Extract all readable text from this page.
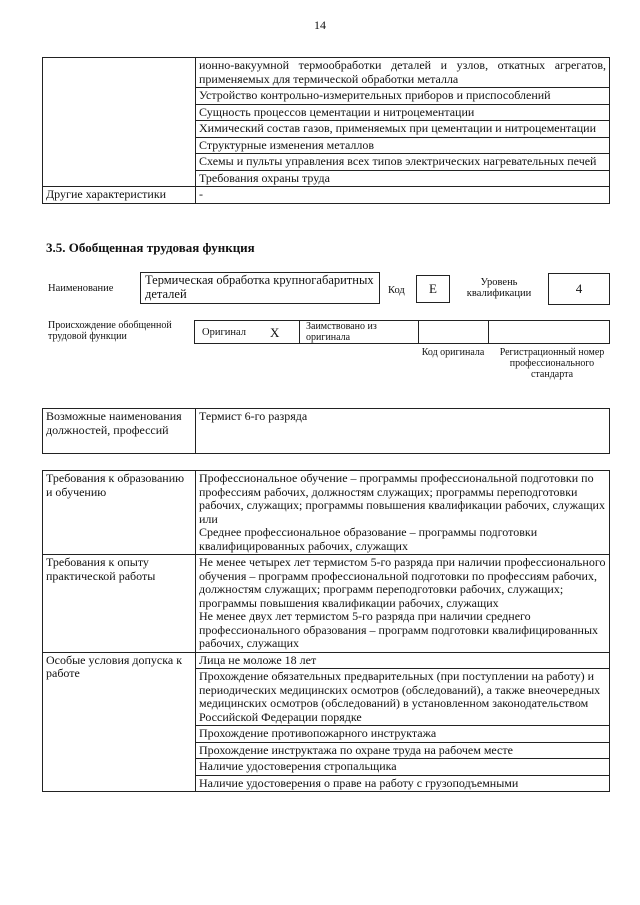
14
	ионно-вакуумной термообработки деталей и узлов, откатных агрегатов, применяемых для термической обработки металла
	Устройство контрольно-измерительных приборов и приспособлений
	Сущность процессов цементации и нитроцементации
	Химический состав газов, применяемых при цементации и нитроцементации
	Структурные изменения металлов
	Схемы и пульты управления всех типов электрических нагревательных печей
	Требования охраны труда
Другие характеристики	-
3.5. Обобщенная трудовая функция
Наименование
Термическая обработка крупногабаритных деталей	Код	Е	Уровень квалификации	4
Происхождение обобщенной трудовой функции	Оригинал X	Заимствовано из оригинала
Код оригинала	Регистрационный номер профессионального стандарта
Возможные наименования должностей, профессий	Термист 6-го разряда
Требования к образованию и обучению	Профессиональное обучение – программы профессиональной подготовки по профессиям рабочих, должностям служащих; программы переподготовки рабочих, служащих; программы повышения квалификации рабочих, служащих
или
Среднее профессиональное образование – программы подготовки квалифицированных рабочих, служащих
Требования к опыту практической работы	Не менее четырех лет термистом 5-го разряда при наличии профессионального обучения – программ профессиональной подготовки по профессиям рабочих, должностям служащих; программ переподготовки рабочих, служащих; программы повышения квалификации рабочих, служащих
Не менее двух лет термистом 5-го разряда при наличии среднего профессионального образования – программ подготовки квалифицированных рабочих, служащих
Особые условия допуска к работе	Лица не моложе 18 лет
	Прохождение обязательных предварительных (при поступлении на работу) и периодических медицинских осмотров (обследований), а также внеочередных медицинских осмотров (обследований) в установленном законодательством Российской Федерации порядке
	Прохождение противопожарного инструктажа
	Прохождение инструктажа по охране труда на рабочем месте
	Наличие удостоверения стропальщика
	Наличие удостоверения о праве на работу с грузоподъемными
